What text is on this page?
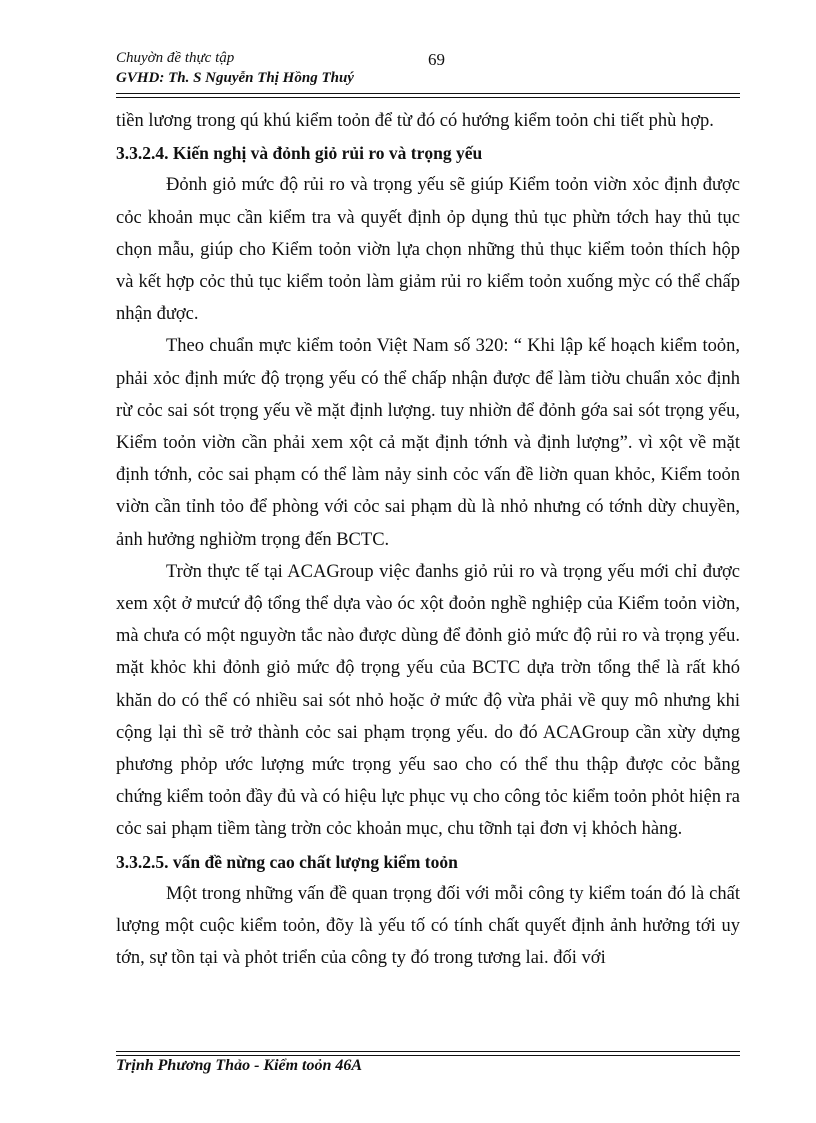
Chuyờn đề thực tập	69
GVHD: Th. S Nguyễn Thị Hồng Thuý

tiền lương trong qú khú kiểm toỏn để từ đó có hướng kiểm toỏn chi tiết phù hợp.

3.3.2.4. Kiến nghị và đỏnh giỏ rủi ro và trọng yếu

Đỏnh giỏ mức độ rủi ro và trọng yếu sẽ giúp Kiểm toỏn viờn xỏc định được cỏc khoản mục cần kiểm tra và quyết định ỏp dụng thủ tục phừn tớch hay thủ tục chọn mẫu, giúp cho Kiểm toỏn viờn lựa chọn những thủ thục kiểm toỏn thích hộp và kết hợp cỏc thủ tục kiểm toỏn làm giảm rủi ro kiểm toỏn xuống mỳc có thể chấp nhận được.

Theo chuẩn mực kiểm toỏn Việt Nam số 320: “ Khi lập kế hoạch kiểm toỏn, phải xỏc định mức độ trọng yếu có thể chấp nhận được để làm tiờu chuẩn xỏc định rừ cỏc sai sót trọng yếu về mặt định lượng. tuy nhiờn để đỏnh gớa sai sót trọng yếu, Kiểm toỏn viờn cần phải xem xột cả mặt định tớnh và định lượng”. vì xột về mặt định tớnh, cỏc sai phạm có thể làm nảy sinh cỏc vấn đề liờn quan khỏc, Kiểm toỏn viờn cần tỉnh tỏo để phòng với cỏc sai phạm dù là nhỏ nhưng có tớnh dừy chuyền, ảnh hưởng nghiờm trọng đến BCTC.

Trờn thực tế tại ACAGroup việc đanhs giỏ rủi ro và trọng yếu mới chỉ được xem xột ở mưcứ độ tổng thể dựa vào óc xột đoỏn nghề nghiệp của Kiểm toỏn viờn, mà chưa có một nguyờn tắc nào được dùng để đỏnh giỏ mức độ rủi ro và trọng yếu. mặt khỏc khi đỏnh giỏ mức độ trọng yếu của BCTC dựa trờn tổng thể là rất khó khăn do có thể có nhiều sai sót nhỏ hoặc ở mức độ vừa phải về quy mô nhưng khi cộng lại thì sẽ trở thành cỏc sai phạm trọng yếu. do đó ACAGroup cần xừy dựng phương phỏp ước lượng mức trọng yếu sao cho có thể thu thập được cỏc bằng chứng kiểm toỏn đầy đủ và có hiệu lực phục vụ cho công tỏc kiểm toỏn phỏt hiện ra cỏc sai phạm tiềm tàng trờn cỏc khoản mục, chu tỡnh tại đơn vị khỏch hàng.

3.3.2.5. vấn đề nừng cao chất lượng kiểm toỏn

Một trong những vấn đề quan trọng đối với mỗi công ty kiểm toán đó là chất lượng một cuộc kiểm toỏn, đõy là yếu tố có tính chất quyết định ảnh hưởng tới uy tớn, sự tồn tại và phỏt triển của công ty đó trong tương lai. đối với

Trịnh Phương Thảo - Kiểm toỏn 46A
